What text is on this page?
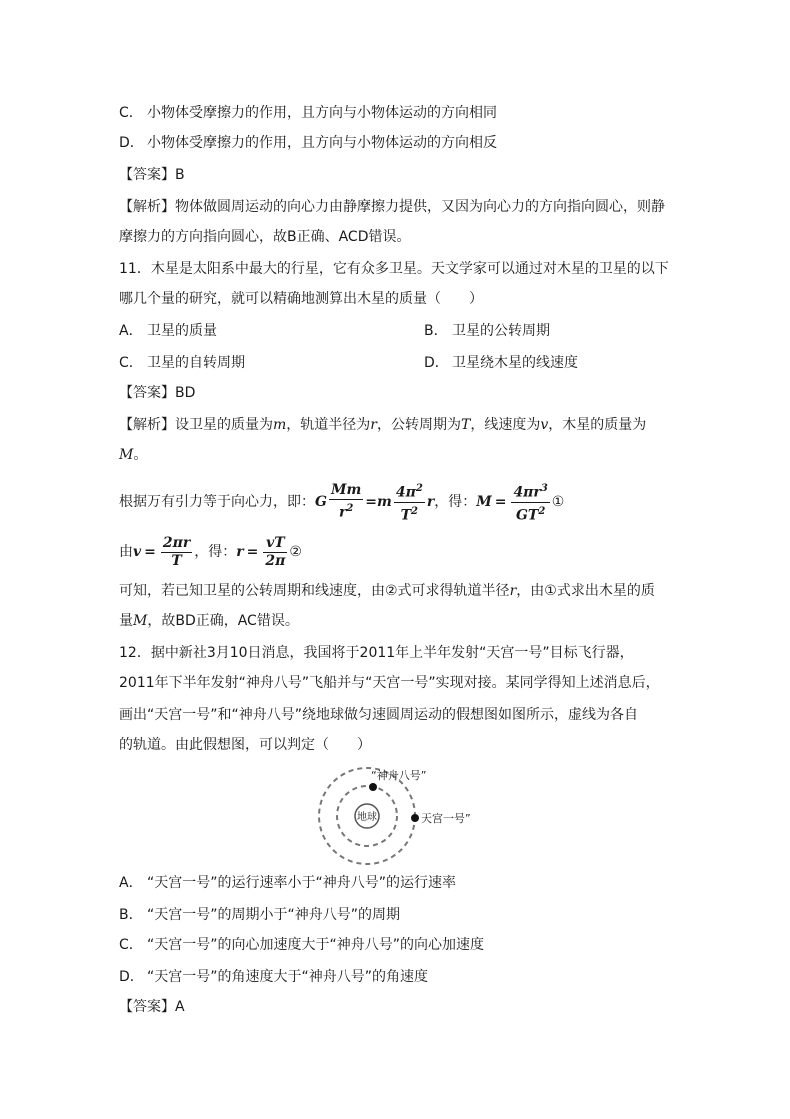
C． 小物体受摩擦力的作用，且方向与小物体运动的方向相同
D． 小物体受摩擦力的作用，且方向与小物体运动的方向相反
【答案】B
【解析】物体做圆周运动的向心力由静摩擦力提供，又因为向心力的方向指向圆心，则静
摩擦力的方向指向圆心，故B正确、ACD错误。
11．木星是太阳系中最大的行星，它有众多卫星。天文学家可以通过对木星的卫星的以下
哪几个量的研究，就可以精确地测算出木星的质量（　　）
A． 卫星的质量	B． 卫星的公转周期
C． 卫星的自转周期	D． 卫星绕木星的线速度
【答案】BD
【解析】设卫星的质量为m，轨道半径为r，公转周期为T，线速度为v，木星的质量为
M。
根据万有引力等于向心力，即： G $\frac{Mm}{r^2} = m \frac{4\pi^2}{T^2}$ r ，得： $M = \frac{4\pi r^3}{GT^2}$ ①
由 $v = \frac{2\pi r}{T}$ ，得： $r = \frac{vT}{2\pi}$ ②
可知，若已知卫星的公转周期和线速度，由②式可求得轨道半径r，由①式求出木星的质
量M，故BD正确，AC错误。
12．据中新社3月10日消息，我国将于2011年上半年发射“天宫一号”目标飞行器，
2011年下半年发射“神舟八号”飞船并与“天宫一号”实现对接。某同学得知上述消息后，
画出“天宫一号”和“神舟八号”绕地球做匀速圆周运动的假想图如图所示，虚线为各自
的轨道。由此假想图，可以判定（　　）
地球
“神舟八号”
天宫一号”
A． “天宫一号”的运行速率小于“神舟八号”的运行速率
B． “天宫一号”的周期小于“神舟八号”的周期
C． “天宫一号”的向心加速度大于“神舟八号”的向心加速度
D． “天宫一号”的角速度大于“神舟八号”的角速度
【答案】A
